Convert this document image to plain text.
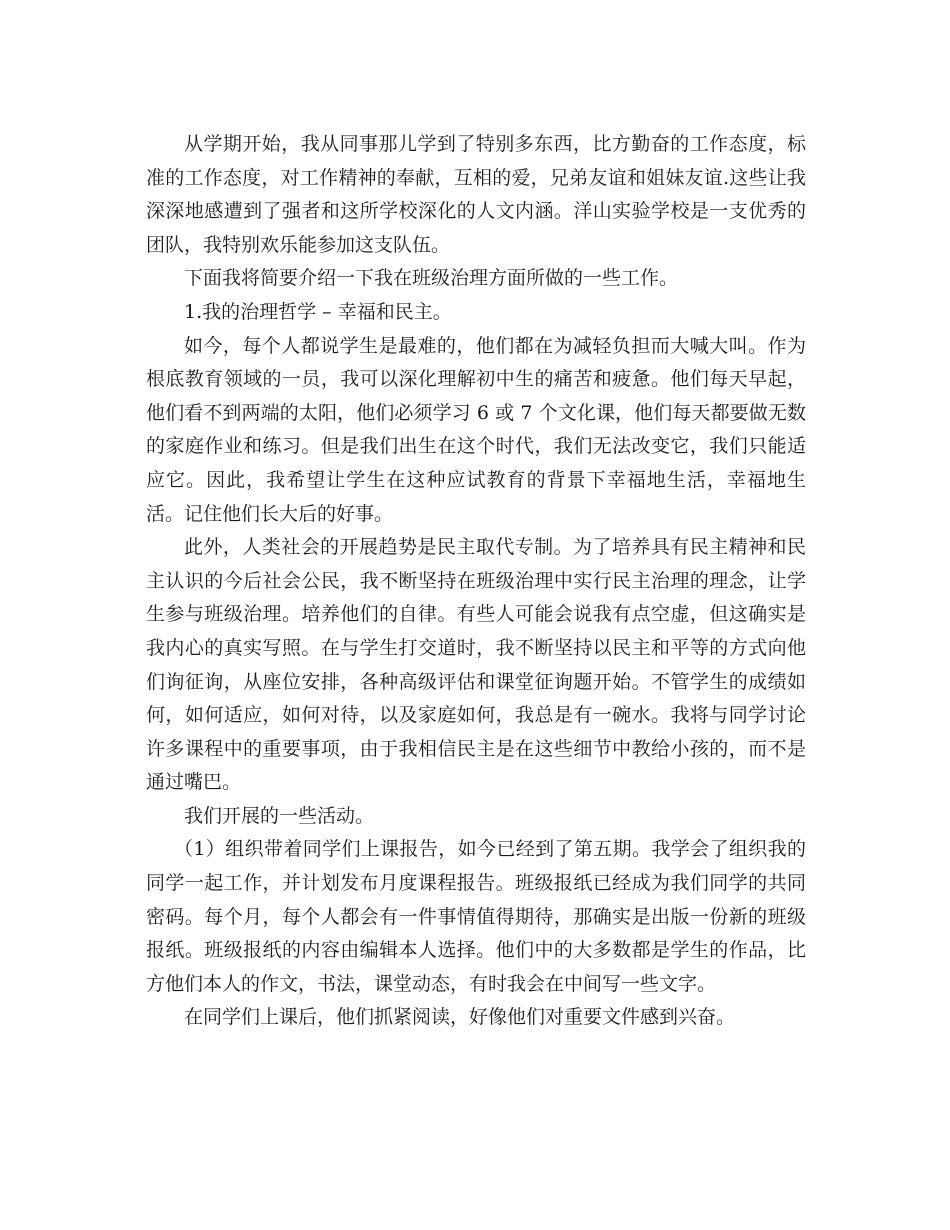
从学期开始，我从同事那儿学到了特别多东西，比方勤奋的工作态度，标准的工作态度，对工作精神的奉献，互相的爱，兄弟友谊和姐妹友谊.这些让我深深地感遭到了强者和这所学校深化的人文内涵。洋山实验学校是一支优秀的团队，我特别欢乐能参加这支队伍。

下面我将简要介绍一下我在班级治理方面所做的一些工作。

1.我的治理哲学 – 幸福和民主。

如今，每个人都说学生是最难的，他们都在为减轻负担而大喊大叫。作为根底教育领域的一员，我可以深化理解初中生的痛苦和疲惫。他们每天早起，他们看不到两端的太阳，他们必须学习 6 或 7 个文化课，他们每天都要做无数的家庭作业和练习。但是我们出生在这个时代，我们无法改变它，我们只能适应它。因此，我希望让学生在这种应试教育的背景下幸福地生活，幸福地生活。记住他们长大后的好事。

此外，人类社会的开展趋势是民主取代专制。为了培养具有民主精神和民主认识的今后社会公民，我不断坚持在班级治理中实行民主治理的理念，让学生参与班级治理。培养他们的自律。有些人可能会说我有点空虚，但这确实是我内心的真实写照。在与学生打交道时，我不断坚持以民主和平等的方式向他们询征询，从座位安排，各种高级评估和课堂征询题开始。不管学生的成绩如何，如何适应，如何对待，以及家庭如何，我总是有一碗水。我将与同学讨论许多课程中的重要事项，由于我相信民主是在这些细节中教给小孩的，而不是通过嘴巴。

我们开展的一些活动。

（1）组织带着同学们上课报告，如今已经到了第五期。我学会了组织我的同学一起工作，并计划发布月度课程报告。班级报纸已经成为我们同学的共同密码。每个月，每个人都会有一件事情值得期待，那确实是出版一份新的班级报纸。班级报纸的内容由编辑本人选择。他们中的大多数都是学生的作品，比方他们本人的作文，书法，课堂动态，有时我会在中间写一些文字。

在同学们上课后，他们抓紧阅读，好像他们对重要文件感到兴奋。
